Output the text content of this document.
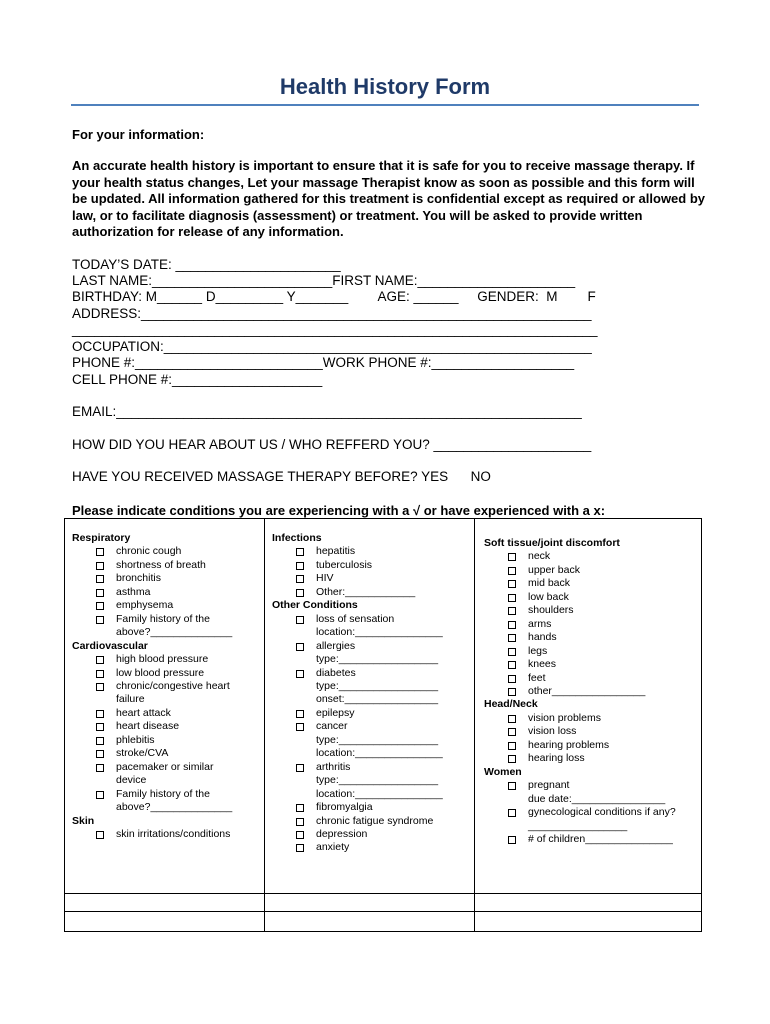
Health History Form
For your information:
An accurate health history is important to ensure that it is safe for you to receive massage therapy. If your health status changes, Let your massage Therapist know as soon as possible and this form will be updated. All information gathered for this treatment is confidential except as required or allowed by law, or to facilitate diagnosis (assessment) or treatment. You will be asked to provide written authorization for release of any information.
TODAY’S DATE: ______________________
LAST NAME:________________________FIRST NAME:_____________________
BIRTHDAY: M______ D_________ Y_______        AGE: ______     GENDER:  M        F
ADDRESS:____________________________________________________________
______________________________________________________________________
OCCUPATION:_________________________________________________________
PHONE #:_________________________WORK PHONE #:___________________
CELL PHONE #:____________________
EMAIL:______________________________________________________________
HOW DID YOU HEAR ABOUT US / WHO REFFERD YOU? _____________________
HAVE YOU RECEIVED MASSAGE THERAPY BEFORE? YES      NO
Please indicate conditions you are experiencing with a √ or have experienced with a x:
Respiratory
chronic cough
shortness of breath
bronchitis
asthma
emphysema
Family history of the
above?______________
Cardiovascular
high blood pressure
low blood pressure
chronic/congestive heart
failure
heart attack
heart disease
phlebitis
stroke/CVA
pacemaker or similar
device
Family history of the
above?______________
Skin
skin irritations/conditions
Infections
hepatitis
tuberculosis
HIV
Other:____________
Other Conditions
loss of sensation
location:_______________
allergies
type:_________________
diabetes
type:_________________
onset:________________
epilepsy
cancer
type:_________________
location:_______________
arthritis
type:_________________
location:_______________
fibromyalgia
chronic fatigue syndrome
depression
anxiety
Soft tissue/joint discomfort
neck
upper back
mid back
low back
shoulders
arms
hands
legs
knees
feet
other________________
Head/Neck
vision problems
vision loss
hearing problems
hearing loss
Women
pregnant
due date:________________
gynecological conditions if any?
_________________
# of children_______________
